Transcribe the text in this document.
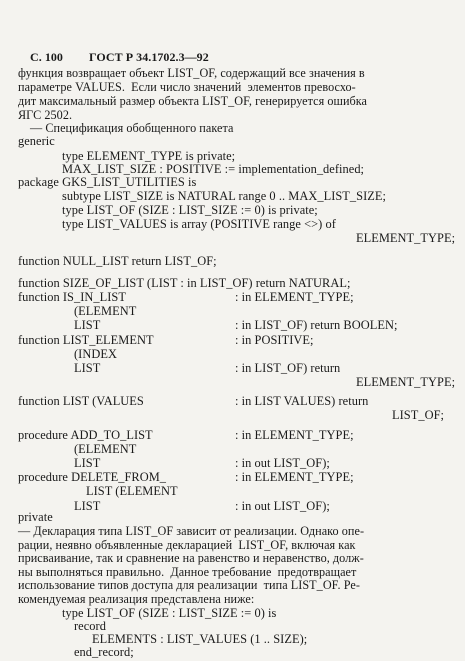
С. 100 ГОСТ Р 34.1702.3—92
функция возвращает объект LIST_OF, содержащий все значения в
параметре VALUES.  Если число значений  элементов превосхо-
дит максимальный размер объекта LIST_OF, генерируется ошибка
ЯГС 2502.
— Спецификация обобщенного пакета
generic
type ELEMENT_TYPE is private;
MAX_LIST_SIZE : POSITIVE := implementation_defined;
package GKS_LIST_UTILITIES is
subtype LIST_SIZE is NATURAL range 0 .. MAX_LIST_SIZE;
type LIST_OF (SIZE : LIST_SIZE := 0) is private;
type LIST_VALUES is array (POSITIVE range <>) of
ELEMENT_TYPE;
function NULL_LIST return LIST_OF;
function SIZE_OF_LIST (LIST : in LIST_OF) return NATURAL;
function IS_IN_LIST	: in ELEMENT_TYPE;
(ELEMENT
LIST	: in LIST_OF) return BOOLEN;
function LIST_ELEMENT	: in POSITIVE;
(INDEX
LIST	: in LIST_OF) return
ELEMENT_TYPE;
function LIST (VALUES	: in LIST VALUES) return
LIST_OF;
procedure ADD_TO_LIST	: in ELEMENT_TYPE;
(ELEMENT
LIST	: in out LIST_OF);
procedure DELETE_FROM_	: in ELEMENT_TYPE;
LIST (ELEMENT
LIST	: in out LIST_OF);
private
— Декларация типа LIST_OF зависит от реализации. Однако опе-
рации, неявно объявленные декларацией  LIST_OF, включая как
присваивание, так и сравнение на равенство и неравенство, долж-
ны выполняться правильно.  Данное требование  предотвращает
использование типов доступа для реализации  типа LIST_OF. Ре-
комендуемая реализация представлена ниже:
type LIST_OF (SIZE : LIST_SIZE := 0) is
record
ELEMENTS : LIST_VALUES (1 .. SIZE);
end_record;
